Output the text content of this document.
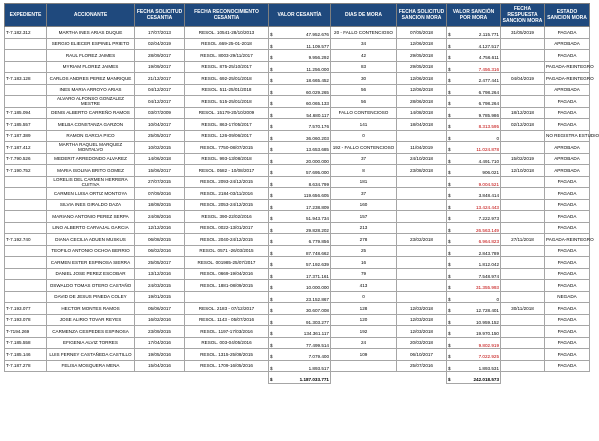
EXPEDIENTE	ACCIONANTE	FECHA SOLICITUD CESANTIA	FECHA RECONOCIMIENTO CESANTIA	VALOR CESANTÍA	DIAS DE MORA	FECHA SOLICITUD SANCION MORA	VALOR SANCIÓN POR MORA	FECHA RESPUESTA SANCION MORA	ESTADO SANCION MORA
T-7.182.312	MARTHA INES ARIAS DUQUE	17/07/2013	RESOL. 10541-28/10/2013	$ 47.952.676	20 - FALLO CONTENCIOSO	07/05/2018	$ 2.115.771	31/05/2019	PAGADA
	SERGIO ELIECER ESPINEL PRIETO	02/04/2019	RESOL .669-25-01-2018	$ 11.109.577	34	12/06/2018	$ 4.127.517		APROBADA
	RAUL FLOREZ JAIMES	28/09/2017	RESOL. 8003-29/11/2017	$ 9.956.292	42	29/05/2018	$ 4.756.611		PAGADA
	MYRIAM FLOREZ JAIMES	19/09/2017	RESOL. 875-25/10/2017	$ 11.256.000	83	29/05/2018	$ 7.456.316		PAGADA-REINTEGRO
T-7.183.128	CARLOS ANDRES PEREZ MANRIQUE	21/12/2017	RESOL. 692-25/01/2018	$ 18.665.452	30	12/06/2018	$ 2.477.441	04/04/2019	PAGADA-REINTEGRO
	INES MARIA ARROYO ARIAS	04/12/2017	RESOL. 511-25/01/2018	$ 60.029.265	56	12/06/2018	$ 6.798.264		APROBADA
	ALVARO ALFONSO GONZALEZ MESTRE	04/12/2017	RESOL. 515-25/01/2018	$ 60.065.133	56	28/06/2018	$ 6.798.264		PAGADA
T-7.185.094	DENIS ALBERTO CARREÑO RAMOS	03/07/2009	RESOL. 15179-20/10/2009	$ 54.680.117	FALLO CONTENCIOSO	14/08/2018	$ 9.785.986	18/12/2018	PAGADA
T-7.185.557	MELBA CONSTANZA GARZON	10/04/2017	RESOL. 863-17/05/2017	$ 7.570.176	141	18/04/2018	$ 8.313.595	02/12/2018	PAGADA
T-7.187.389	RAMON GARCIA PICO	25/05/2017	RESOL. 126-09/06/2017	$ 36.060.203	0		$ 0		NO REGISTRA ESTUDIO
T-7.187.412	MARTHA RAQUEL MARQUEZ MONTALVO	10/02/2015	RESOL. 7750-08/07/2015	$ 13.653.685	192 - FALLO CONTENCIOSO	11/04/2019	$ 11.024.878		APROBADA
T-7.790.526	MEDERIT ARREDONDO ALVAREZ	14/06/2018	RESOL. 993-13/08/2018	$ 20.000.000	37	24/10/2018	$ 4.491.710	15/02/2019	APROBADA
T-7.190.752	MARIA ISOLINA BRITO GOMEZ	15/06/2017	RESOL. 0582 - 10/08/2017	$ 57.695.000	8	23/08/2018	$ 906.021	12/10/2018	APROBADA
	LORELIS DEL CARMEN HERRERA CUITIVA	27/07/2015	RESOL. 2093-24/12/2015	$ 8.634.799	181		$ 9.004.521		PAGADA
	CARMEN LUISA ORTIZ MONTOYA	07/09/2016	RESOL. 2184-03/11/2016	$ 119.656.605	37		$ 3.848.414		PAGADA
	SILVIA INES GIRALDO DAZA	18/08/2015	RESOL. 2053-24/12/2015	$ 17.238.809	160		$ 13.424.443		PAGADA
	MARIANO ANTONIO PEREZ SERPA	24/08/2016	RESOL. 390-22/02/2016	$ 51.943.734	157		$ 7.222.973		PAGADA
	LINO ALBERTO CARVAJAL GARCIA	12/12/2016	RESOL. 0022-13/01/2017	$ 29.828.202	213		$ 26.563.149		PAGADA
T-7.192.740	DIANA CECILIA ADUEN MUSKUS	06/08/2015	RESOL. 2040-24/12/2015	$ 6.779.856	278	23/02/2018	$ 6.964.823	27/11/2018	PAGADA-REINTEGRO
	TEOFILO ANTONIO OCHOA BERRIO	06/02/2016	RESOL. 0571 -26/03/2015	$ 87.748.662	25		$ 2.843.789		PAGADA
	CARMEN ESTER ESPINOSA SIERRA	25/05/2017	RESOL. 001985-25/07/2017	$ 57.192.639	16		$ 1.812.042		PAGADA
	DANIEL JOSE PEREZ ESCOBAR	13/12/2016	RESOL. 0669-19/04/2016	$ 17.371.161	79		$ 7.548.974		PAGADA
	OSWALDO TOMAS OTERO CASTAÑO	24/03/2015	RESOL. 1881-08/09/2015	$ 10.000.000	413		$ 31.355.993		PAGADA
	DAVID DE JESUS PINEDA COLEY	19/01/2015		$ 23.152.867	0		$ 0		NEGADA
T-7.193.077	HECTOR MONTES RAMOS	05/06/2017	RESOL. 2183 - 07/12/2017	$ 30.607.008	128	12/03/2018	$ 12.728.401	30/11/2018	PAGADA
T-7.193.078	JOSE ALIRIO TOVAR REYES	16/02/2016	RESOL. 1143 - 05/07/2016	$ 91.303.277	120	12/03/2018	$ 10.959.152		PAGADA
T-7194.269	CARMENZA CESPEDES ESPINOSA	23/09/2015	RESOL. 1197-17/03/2016	$ 134.361.117	192	12/03/2018	$ 19.970.150		PAGADA
T-7.185.558	EFIGENIA ALVIZ TORRES	17/04/2016	RESOL. 003-04/05/2016	$ 77.499.514	24	20/03/2018	$ 9.802.919		PAGADA
T-7.185.146	LUIS FERNEY CASTAÑEDA CASTILLO	19/05/2016	RESOL. 1315-25/08/2015	$ 7.079.400	109	06/10/2017	$ 7.022.925		PAGADA
T-7.187.278	FELISA MOSQUERA MENA	15/04/2016	RESOL. 1709-16/05/2016	$ 1.893.517		25/07/2016	$ 1.893.531		PAGADA

				$ 1.187.033.771			$ 242.018.573		
